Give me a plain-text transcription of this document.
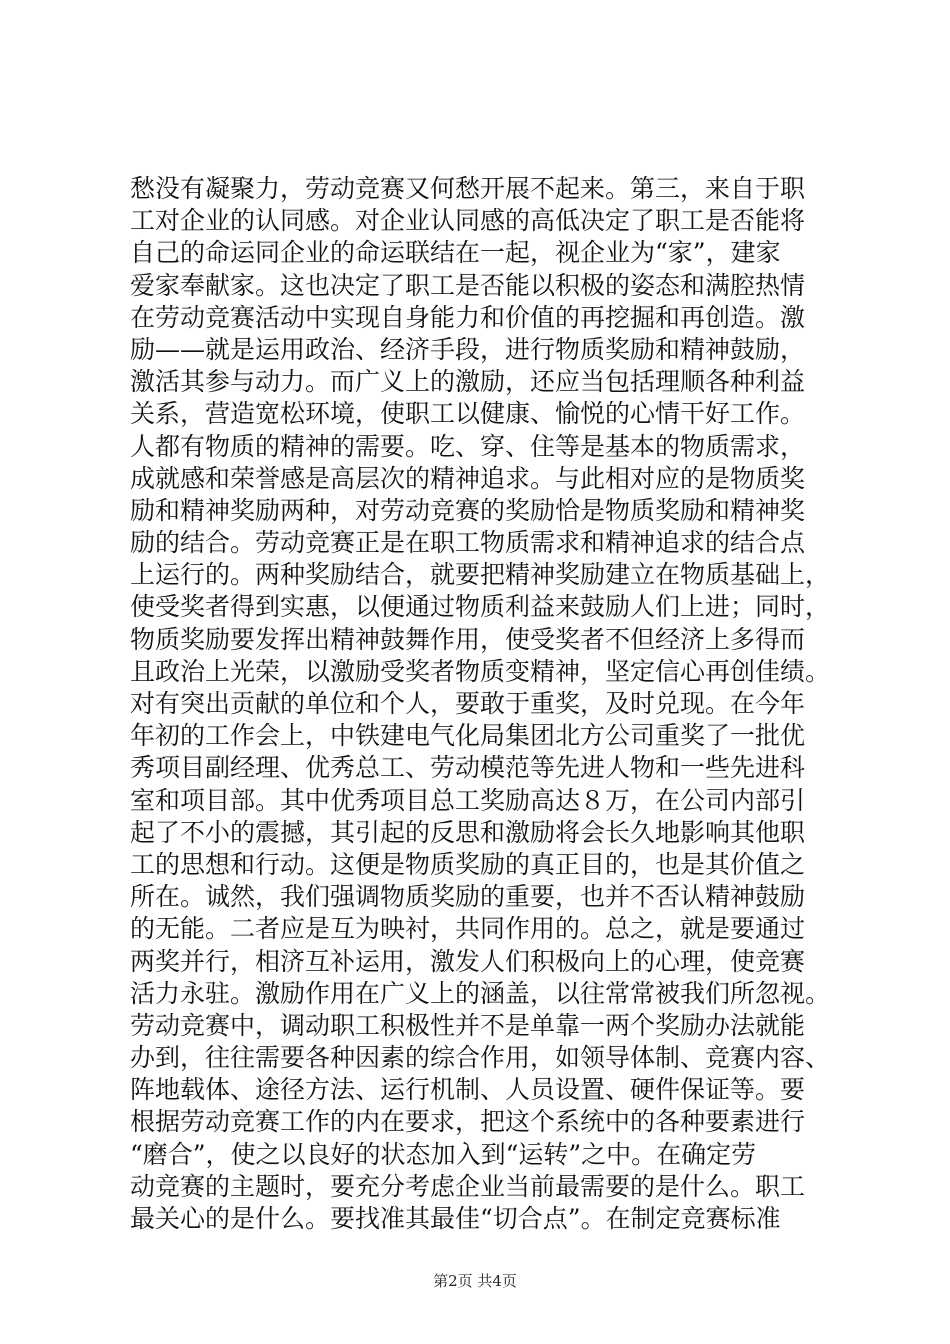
愁没有凝聚力，劳动竞赛又何愁开展不起来。第三，来自于职
工对企业的认同感。对企业认同感的高低决定了职工是否能将
自己的命运同企业的命运联结在一起，视企业为“家”，建家
爱家奉献家。这也决定了职工是否能以积极的姿态和满腔热情
在劳动竞赛活动中实现自身能力和价值的再挖掘和再创造。激
励——就是运用政治、经济手段，进行物质奖励和精神鼓励，
激活其参与动力。而广义上的激励，还应当包括理顺各种利益
关系，营造宽松环境，使职工以健康、愉悦的心情干好工作。
人都有物质的精神的需要。吃、穿、住等是基本的物质需求，
成就感和荣誉感是高层次的精神追求。与此相对应的是物质奖
励和精神奖励两种，对劳动竞赛的奖励恰是物质奖励和精神奖
励的结合。劳动竞赛正是在职工物质需求和精神追求的结合点
上运行的。两种奖励结合，就要把精神奖励建立在物质基础上，
使受奖者得到实惠，以便通过物质利益来鼓励人们上进；同时，
物质奖励要发挥出精神鼓舞作用，使受奖者不但经济上多得而
且政治上光荣，以激励受奖者物质变精神，坚定信心再创佳绩。
对有突出贡献的单位和个人，要敢于重奖，及时兑现。在今年
年初的工作会上，中铁建电气化局集团北方公司重奖了一批优
秀项目副经理、优秀总工、劳动模范等先进人物和一些先进科
室和项目部。其中优秀项目总工奖励高达８万，在公司内部引
起了不小的震撼，其引起的反思和激励将会长久地影响其他职
工的思想和行动。这便是物质奖励的真正目的，也是其价值之
所在。诚然，我们强调物质奖励的重要，也并不否认精神鼓励
的无能。二者应是互为映衬，共同作用的。总之，就是要通过
两奖并行，相济互补运用，激发人们积极向上的心理，使竞赛
活力永驻。激励作用在广义上的涵盖，以往常常被我们所忽视。
劳动竞赛中，调动职工积极性并不是单靠一两个奖励办法就能
办到，往往需要各种因素的综合作用，如领导体制、竞赛内容、
阵地载体、途径方法、运行机制、人员设置、硬件保证等。要
根据劳动竞赛工作的内在要求，把这个系统中的各种要素进行
“磨合”，使之以良好的状态加入到“运转”之中。在确定劳
动竞赛的主题时，要充分考虑企业当前最需要的是什么。职工
最关心的是什么。要找准其最佳“切合点”。在制定竞赛标准
第2页 共4页
